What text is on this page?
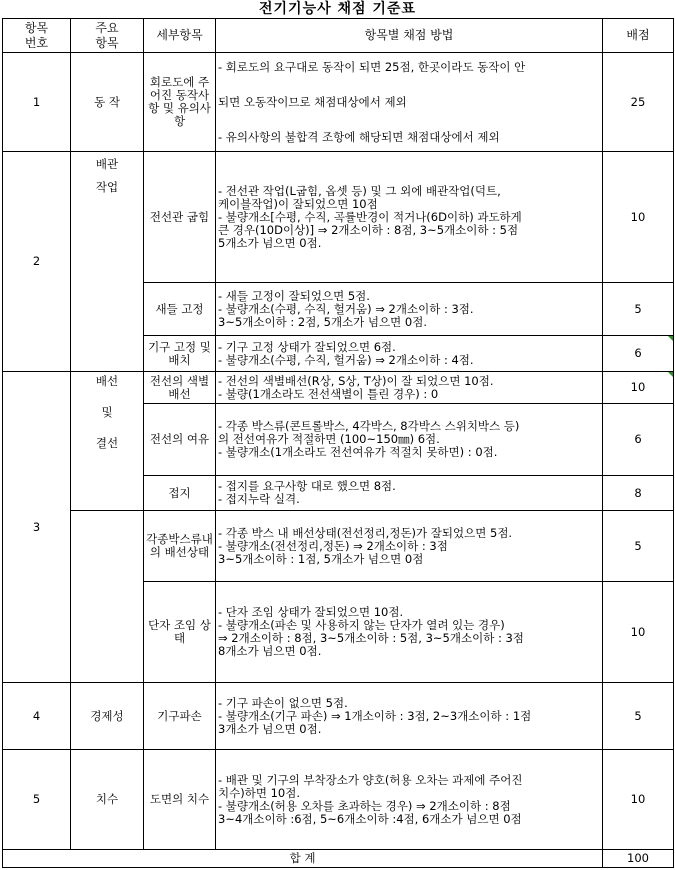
전기기능사 채점 기준표
항목
번호	주요
항목	세부항목	항목별 채점 방법	배점
1	동 작	회로도에 주어진 동작사항 및 유의사항	- 회로도의 요구대로 동작이 되면 25점, 한곳이라도 동작이 안
되면 오동작이므로 채점대상에서 제외
- 유의사항의 불합격 조항에 해당되면 채점대상에서 제외	25
2	배관
작업	전선관 굽힘	- 전선관 작업(L굽힘, 옵셋 등) 및 그 외에 배관작업(덕트,
케이블작업)이 잘되었으면 10점
- 불량개소[수평, 수직, 곡률반경이 적거나(6D이하) 과도하게
큰 경우(10D이상)] ⇒ 2개소이하 : 8점, 3~5개소이하 : 5점
5개소가 넘으면 0점.	10
		새들 고정	- 새들 고정이 잘되었으면 5점.
- 불량개소(수평, 수직, 헐거움) ⇒ 2개소이하 : 3점.
3~5개소이하 : 2점, 5개소가 넘으면 0점.	5
		기구 고정 및 배치	- 기구 고정 상태가 잘되었으면 6점.
- 불량개소(수평, 수직, 헐거움) ⇒ 2개소이하 : 4점.	6
3	배선
및
결선	전선의 색별배선	- 전선의 색별배선(R상, S상, T상)이 잘 되었으면 10점.
- 불량(1개소라도 전선색별이 틀린 경우) : 0	10
		전선의 여유	- 각종 박스류(콘트롤박스, 4각박스, 8각박스 스위치박스 등)
의 전선여유가 적절하면 (100~150㎜) 6점.
- 불량개소(1개소라도 전선여유가 적절치 못하면) : 0점.	6
		접지	- 접지를 요구사항 대로 했으면 8점.
- 접지누락 실격.	8
		각종박스류내의 배선상태	- 각종 박스 내 배선상태(전선정리,정돈)가 잘되었으면 5점.
- 불량개소(전선정리,정돈) ⇒ 2개소이하 : 3점
3~5개소이하 : 1점, 5개소가 넘으면 0점	5
		단자 조임 상태	- 단자 조임 상태가 잘되었으면 10점.
- 불량개소(파손 및 사용하지 않는 단자가 열려 있는 경우)
⇒ 2개소이하 : 8점, 3~5개소이하 : 5점, 3~5개소이하 : 3점
8개소가 넘으면 0점.	10
4	경제성	기구파손	- 기구 파손이 없으면 5점.
- 불량개소(기구 파손) ⇒ 1개소이하 : 3점, 2~3개소이하 : 1점
3개소가 넘으면 0점.	5
5	치수	도면의 치수	- 배관 및 기구의 부착장소가 양호(허용 오차는 과제에 주어진
치수)하면 10점.
- 불량개소(허용 오차를 초과하는 경우) ⇒ 2개소이하 : 8점
3~4개소이하 :6점, 5~6개소이하 :4점, 6개소가 넘으면 0점	10
합 계				100
